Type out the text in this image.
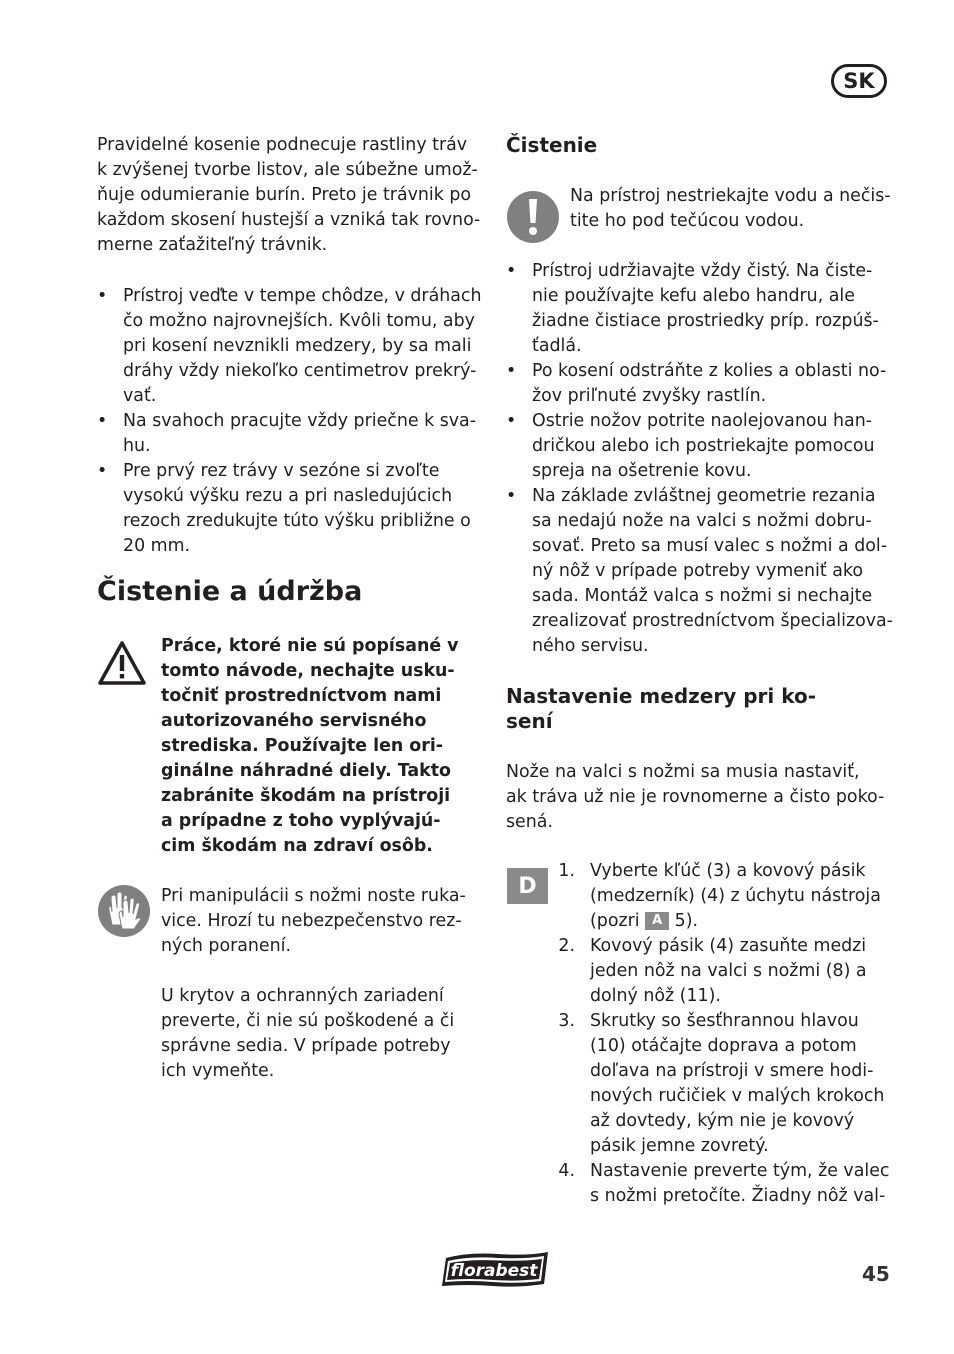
SK
Pravidelné kosenie podnecuje rastliny tráv
k zvýšenej tvorbe listov, ale súbežne umož-
ňuje odumieranie burín. Preto je trávnik po
každom skosení hustejší a vzniká tak rovno-
merne zaťažiteľný trávnik.
• Prístroj veďte v tempe chôdze, v dráhach
čo možno najrovnejších. Kvôli tomu, aby
pri kosení nevznikli medzery, by sa mali
dráhy vždy niekoľko centimetrov prekrý-
vať.
• Na svahoch pracujte vždy priečne k sva-
hu.
• Pre prvý rez trávy v sezóne si zvoľte
vysokú výšku rezu a pri nasledujúcich
rezoch zredukujte túto výšku približne o
20 mm.
Čistenie a údržba
Práce, ktoré nie sú popísané v
tomto návode, nechajte usku-
točniť prostredníctvom nami
autorizovaného servisného
strediska. Používajte len ori-
ginálne náhradné diely. Takto
zabránite škodám na prístroji
a prípadne z toho vyplývajú-
cim škodám na zdraví osôb.
Pri manipulácii s nožmi noste ruka-
vice. Hrozí tu nebezpečenstvo rez-
ných poranení.
U krytov a ochranných zariadení
preverte, či nie sú poškodené a či
správne sedia. V prípade potreby
ich vymeňte.
Čistenie
Na prístroj nestriekajte vodu a nečis-
tite ho pod tečúcou vodou.
• Prístroj udržiavajte vždy čistý. Na čiste-
nie používajte kefu alebo handru, ale
žiadne čistiace prostriedky príp. rozpúš-
ťadlá.
• Po kosení odstráňte z kolies a oblasti no-
žov priľnuté zvyšky rastlín.
• Ostrie nožov potrite naolejovanou han-
dričkou alebo ich postriekajte pomocou
spreja na ošetrenie kovu.
• Na základe zvláštnej geometrie rezania
sa nedajú nože na valci s nožmi dobru-
sovať. Preto sa musí valec s nožmi a dol-
ný nôž v prípade potreby vymeniť ako
sada. Montáž valca s nožmi si nechajte
zrealizovať prostredníctvom špecializova-
ného servisu.
Nastavenie medzery pri ko-
sení
Nože na valci s nožmi sa musia nastaviť,
ak tráva už nie je rovnomerne a čisto poko-
sená.
D
1. Vyberte kľúč (3) a kovový pásik
(medzerník) (4) z úchytu nástroja
(pozri A 5).
2. Kovový pásik (4) zasuňte medzi
jeden nôž na valci s nožmi (8) a
dolný nôž (11).
3. Skrutky so šesťhrannou hlavou
(10) otáčajte doprava a potom
doľava na prístroji v smere hodi-
nových ručičiek v malých krokoch
až dovtedy, kým nie je kovový
pásik jemne zovretý.
4. Nastavenie preverte tým, že valec
s nožmi pretočíte. Žiadny nôž val-
florabest	45
